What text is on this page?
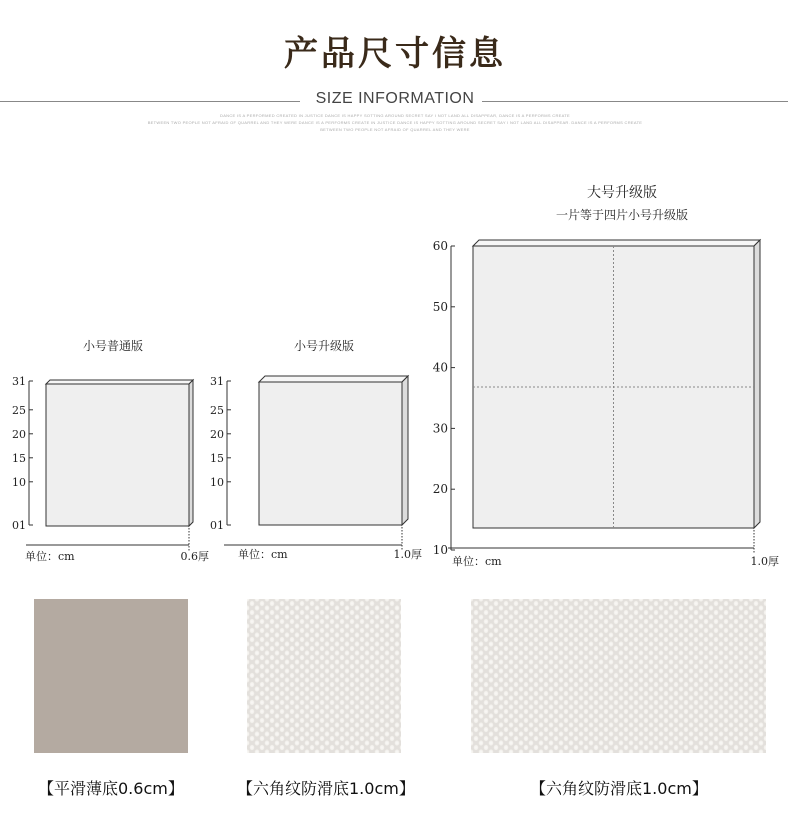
产品尺寸信息
SIZE INFORMATION
DANCE IS A PERFORMED CREATED IN JUSTICE DANCE IS HAPPY SOTTING AROUND SECRET SAY I NOT LAND ALL DISAPPEAR, DANCE IS A PERFORMS CREATE
BETWEEN TWO PEOPLE NOT AFRAID OF QUARREL AND THEY WERE DANCE IS A PERFORMS CREATE IN JUSTICE DANCE IS HAPPY SOTTING AROUND SECRET SAY I NOT LAND ALL DISAPPEAR. DANCE IS A PERFORMS CREATE
BETWEEN TWO PEOPLE NOT AFRAID OF QUARREL AND THEY WERE
小号普通版
01
10
15
20
25
31
单位：cm	0.6厚
小号升级版
01
10
15
20
25
31
单位：cm	1.0厚
大号升级版
一片等于四片小号升级版
10
20
30
40
50
60
单位：cm	1.0厚
【平滑薄底0.6cm】	【六角纹防滑底1.0cm】	【六角纹防滑底1.0cm】
